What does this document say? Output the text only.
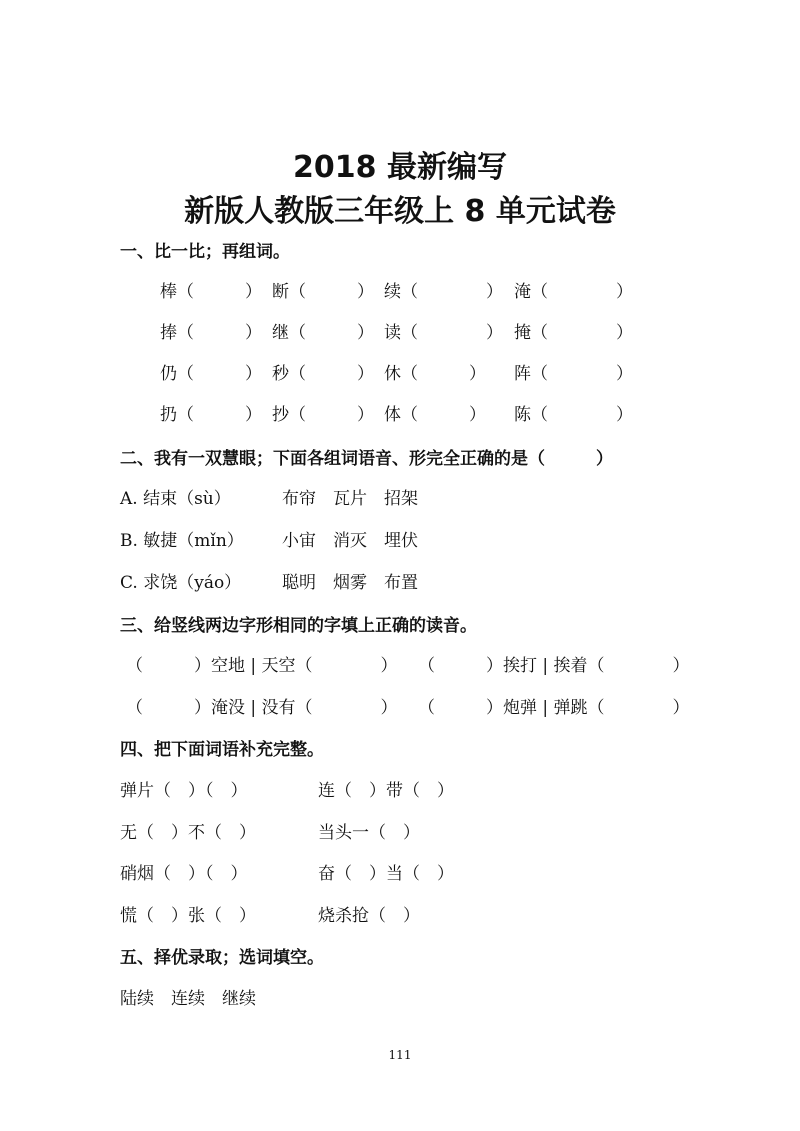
2018 最新编写
新版人教版三年级上 8 单元试卷
一、比一比；再组词。
棒（　　　） 断（　　　） 续（　　　　） 淹（　　　　）
捧（　　　） 继（　　　） 读（　　　　） 掩（　　　　）
仍（　　　） 秒（　　　） 休（　　　） 阵（　　　　）
扔（　　　） 抄（　　　） 体（　　　） 陈（　　　　）
二、我有一双慧眼；下面各组词语音、形完全正确的是（　　　）
A. 结束（sù）	布帘　瓦片　招架
B. 敏捷（mǐn） 小宙　消灭　埋伏
C. 求饶（yáo） 聪明　烟雾　布置
三、给竖线两边字形相同的字填上正确的读音。
（　　　）空地 | 天空（　　　　） （　　　）挨打 | 挨着（　　　　）
（　　　）淹没 | 没有（　　　　） （　　　）炮弹 | 弹跳（　　　　）
四、把下面词语补充完整。
弹片（　）（　）	连（　）带（　）
无（　）不（　）	当头一（　）
硝烟（　）（　）	奋（　）当（　）
慌（　）张（　）	烧杀抢（　）
五、择优录取；选词填空。
陆续　连续　继续
111
